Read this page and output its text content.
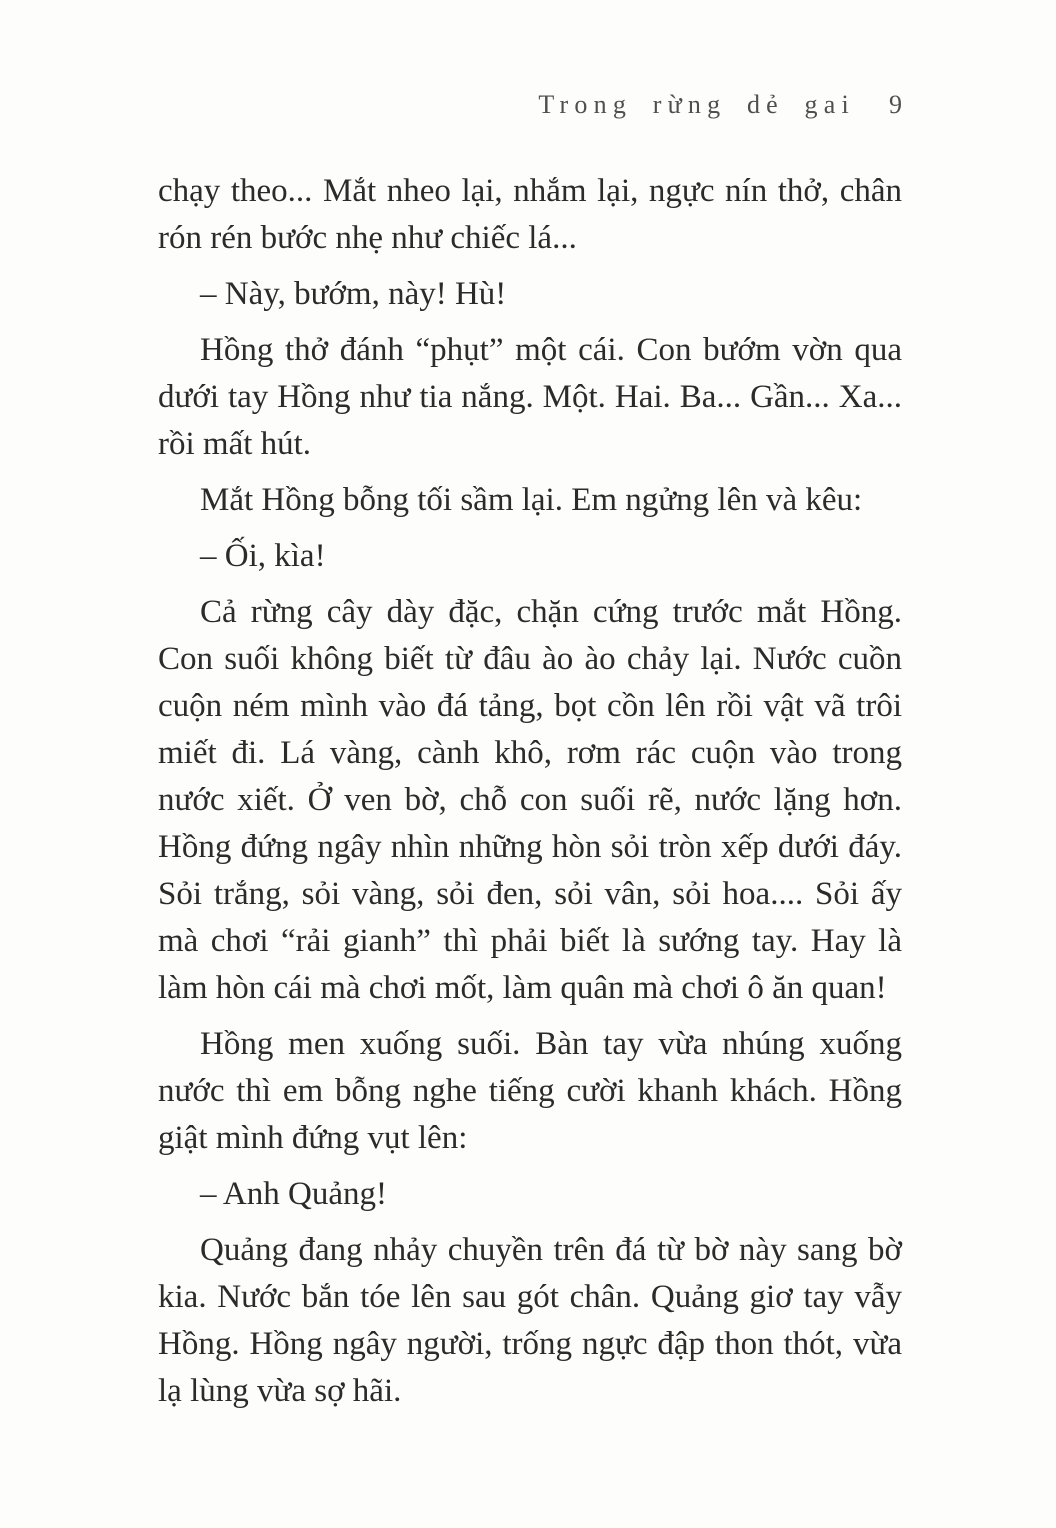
Trong rừng dẻ gai 9

chạy theo... Mắt nheo lại, nhắm lại, ngực nín thở, chân rón rén bước nhẹ như chiếc lá...

– Này, bướm, này! Hù!

Hồng thở đánh “phụt” một cái. Con bướm vờn qua dưới tay Hồng như tia nắng. Một. Hai. Ba... Gần... Xa... rồi mất hút.

Mắt Hồng bỗng tối sầm lại. Em ngửng lên và kêu:

– Ối, kìa!

Cả rừng cây dày đặc, chặn cứng trước mắt Hồng. Con suối không biết từ đâu ào ào chảy lại. Nước cuồn cuộn ném mình vào đá tảng, bọt cồn lên rồi vật vã trôi miết đi. Lá vàng, cành khô, rơm rác cuộn vào trong nước xiết. Ở ven bờ, chỗ con suối rẽ, nước lặng hơn. Hồng đứng ngây nhìn những hòn sỏi tròn xếp dưới đáy. Sỏi trắng, sỏi vàng, sỏi đen, sỏi vân, sỏi hoa.... Sỏi ấy mà chơi “rải gianh” thì phải biết là sướng tay. Hay là làm hòn cái mà chơi mốt, làm quân mà chơi ô ăn quan!

Hồng men xuống suối. Bàn tay vừa nhúng xuống nước thì em bỗng nghe tiếng cười khanh khách. Hồng giật mình đứng vụt lên:

– Anh Quảng!

Quảng đang nhảy chuyền trên đá từ bờ này sang bờ kia. Nước bắn tóe lên sau gót chân. Quảng giơ tay vẫy Hồng. Hồng ngây người, trống ngực đập thon thót, vừa lạ lùng vừa sợ hãi.
